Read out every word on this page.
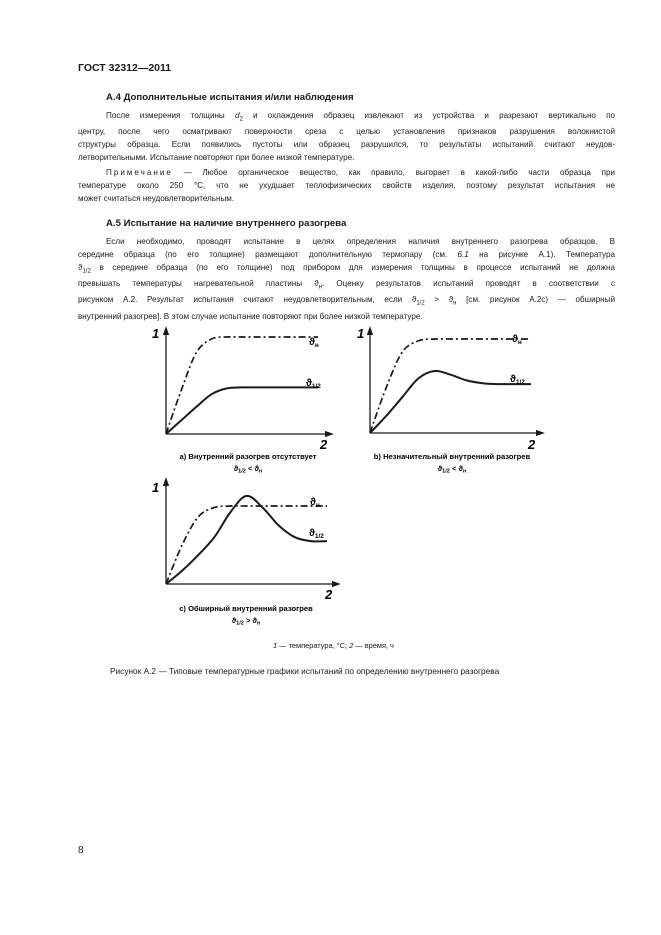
ГОСТ 32312—2011
А.4 Дополнительные испытания и/или наблюдения
После измерения толщины $d_2$ и охлаждения образец извлекают из устройства и разрезают вертикально по
центру, после чего осматривают поверхности среза с целью установления признаков разрушения волокнистой
структуры образца. Если появились пустоты или образец разрушился, то результаты испытаний считают неудов-
летворительными. Испытание повторяют при более низкой температуре.
Примечание — Любое органическое вещество, как правило, выгорает в какой-либо части образца при
температуре около 250 °С, что не ухудшает теплофизических свойств изделия, поэтому результат испытания не
может считаться неудовлетворительным.
А.5 Испытание на наличие внутреннего разогрева
Если необходимо, проводят испытание в целях определения наличия внутреннего разогрева образцов. В
середине образца (по его толщине) размещают дополнительную термопару (см. 6.1 на рисунке А.1). Температура
$ϑ_{1/2}$ в середине образца (по его толщине) под прибором для измерения толщины в процессе испытаний не должна
превышать температуры нагревательной пластины $ϑ_н$. Оценку результатов испытаний проводят в соответствии с
рисунком А.2. Результат испытания считают неудовлетворительным, если $ϑ_{1/2} > ϑ_н$ [см. рисунок А.2с) — обширный
внутренний разогрев]. В этом случае испытание повторяют при более низкой температуре.
1
2
$ϑ_н$
$ϑ_{1/2}$
а) Внутренний разогрев отсутствует
ϑ1/2 < ϑн
1
2
$ϑ_н$
$ϑ_{1/2}$
b) Незначительный внутренний разогрев
ϑ1/2 < ϑн
1
2
$ϑ_н$
$ϑ_{1/2}$
с) Обширный внутренний разогрев
ϑ1/2 > ϑн
1 — температура, °С; 2 — время, ч
Рисунок А.2 — Типовые температурные графики испытаний по определению внутреннего разогрева
8
